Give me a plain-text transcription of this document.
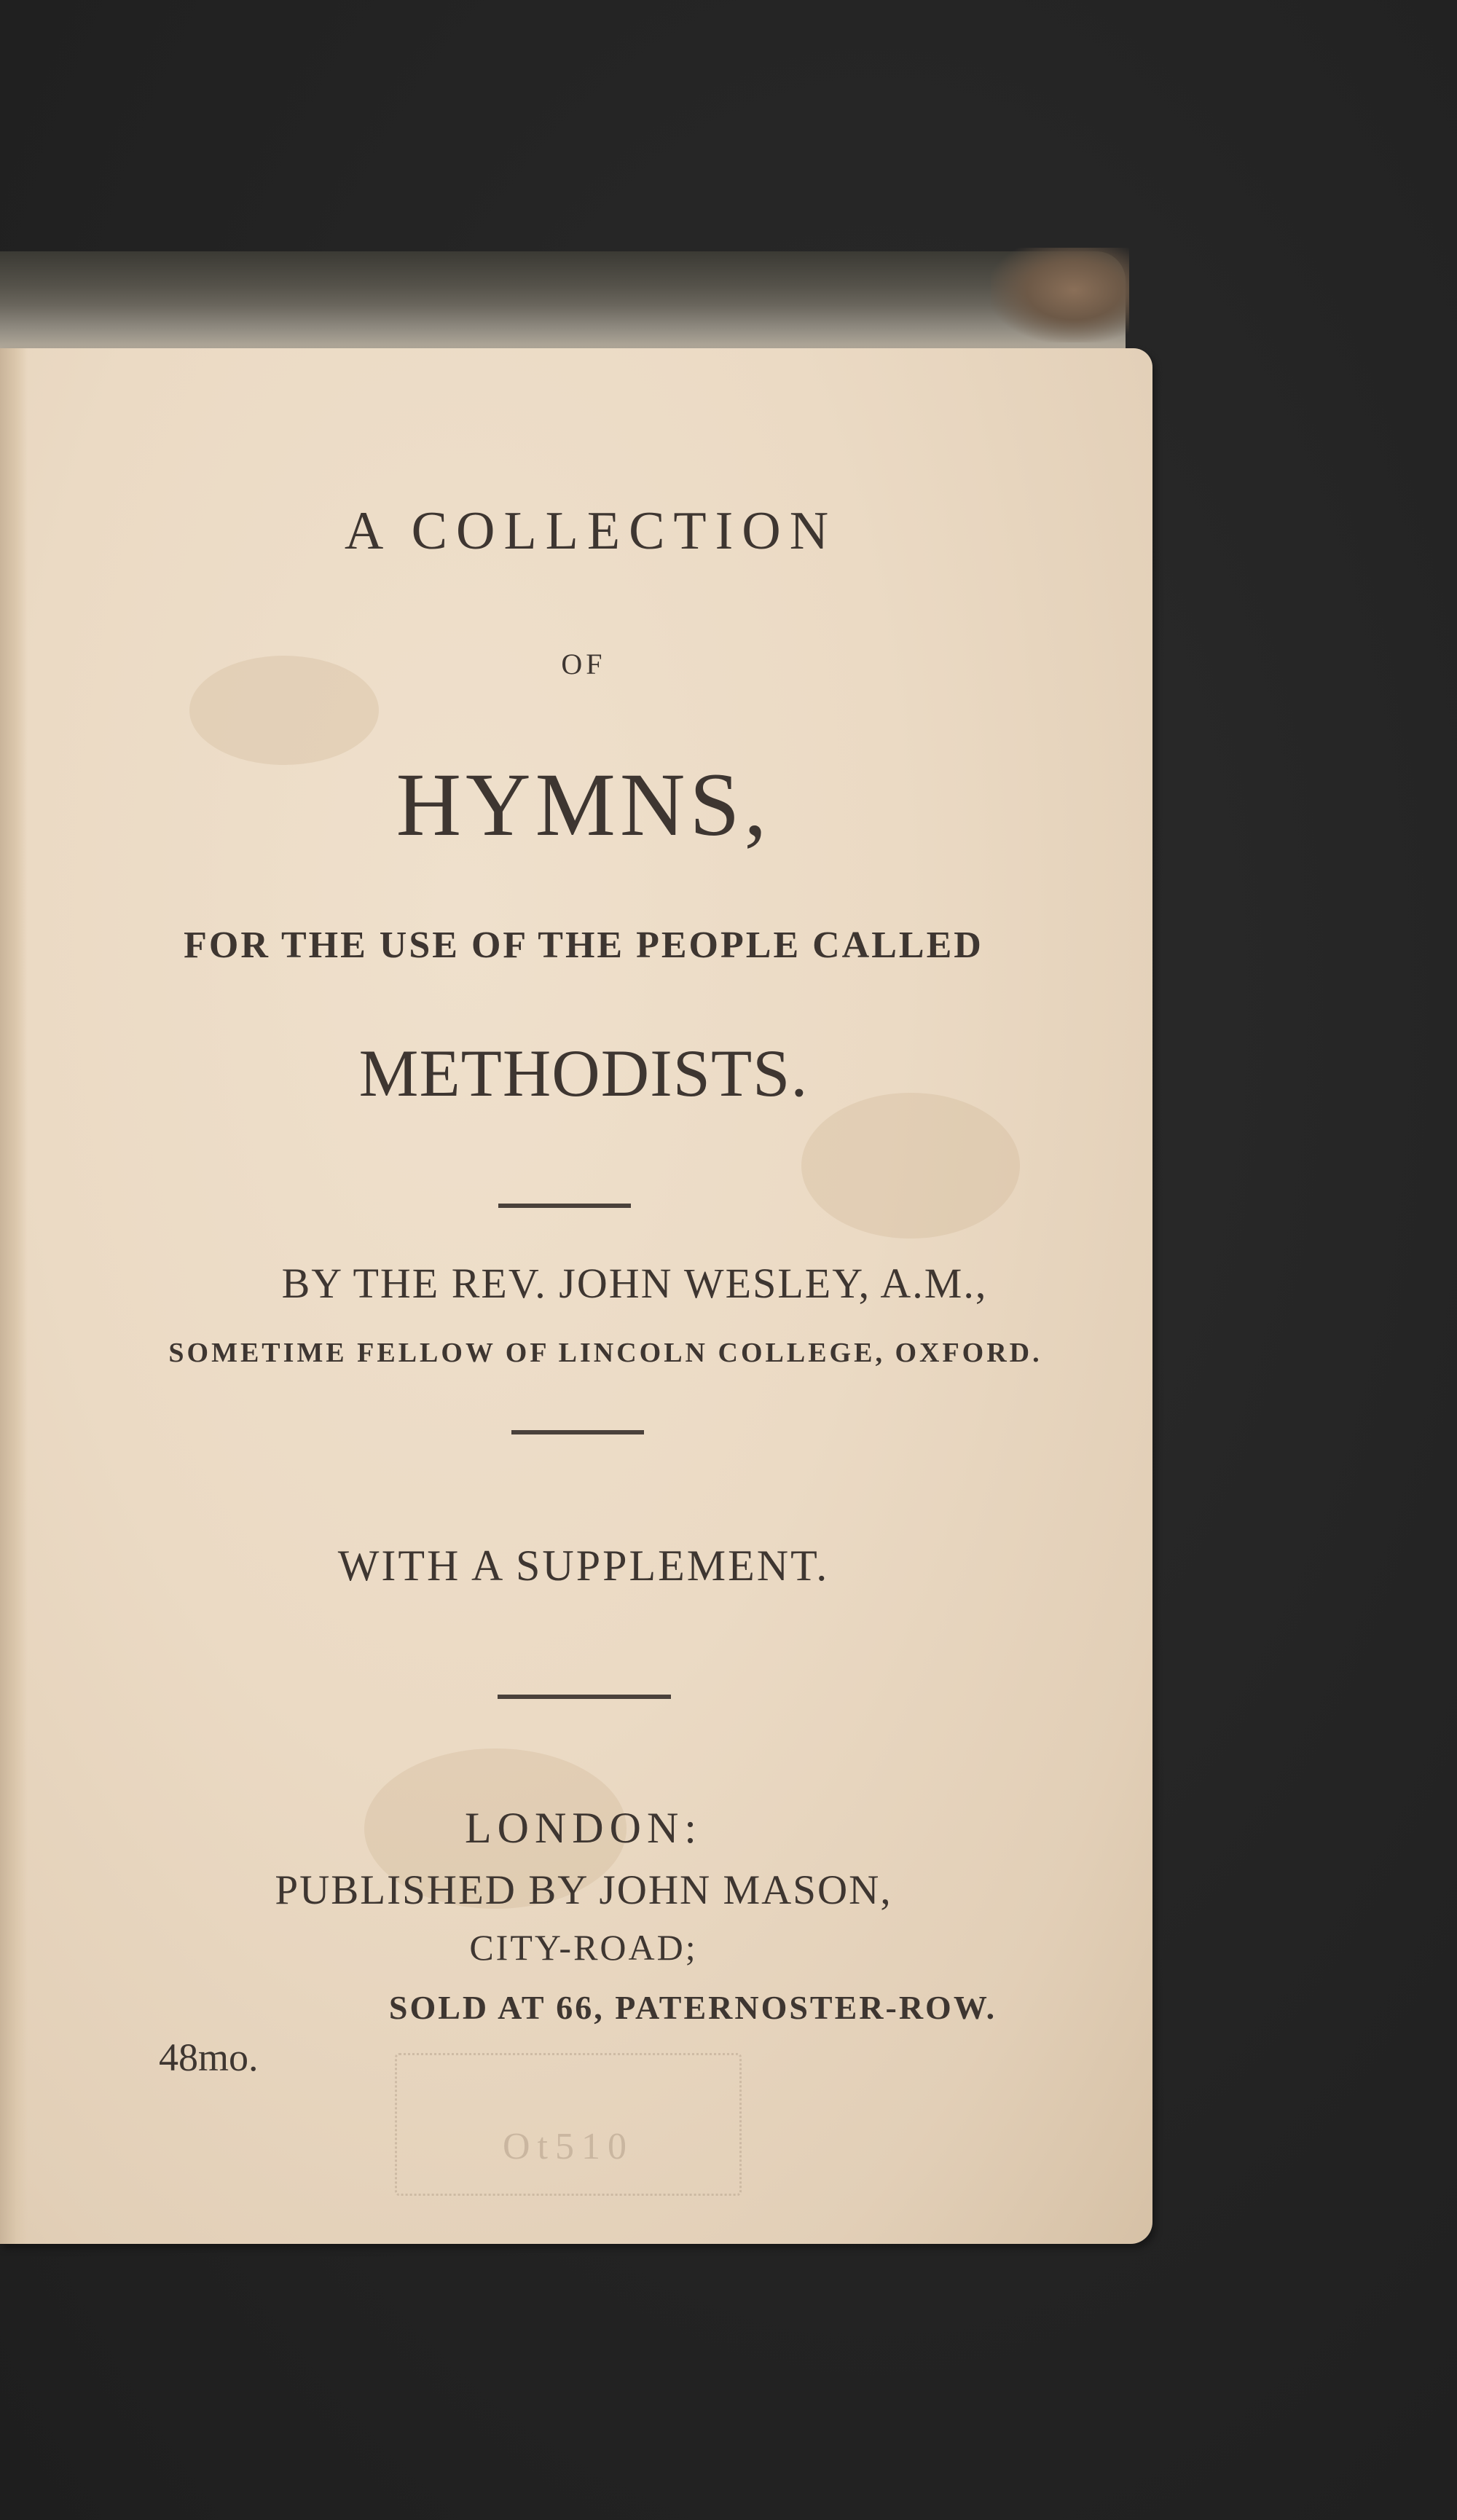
A COLLECTION
OF
HYMNS,
FOR THE USE OF THE PEOPLE CALLED
METHODISTS.
BY THE REV. JOHN WESLEY, A.M.,
SOMETIME FELLOW OF LINCOLN COLLEGE, OXFORD.
WITH A SUPPLEMENT.
LONDON:
PUBLISHED BY JOHN MASON,
CITY-ROAD;
SOLD AT 66, PATERNOSTER-ROW.
48mo.
Ot510
